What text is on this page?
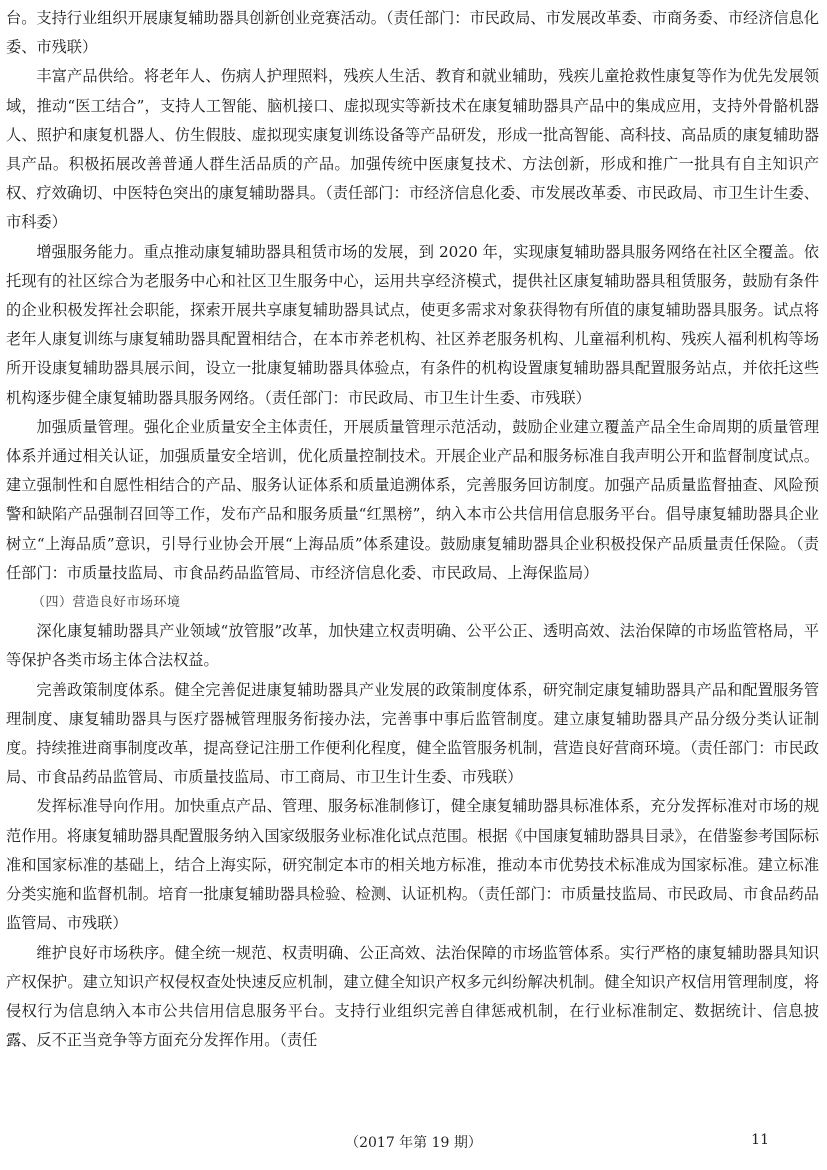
台。支持行业组织开展康复辅助器具创新创业竞赛活动。（责任部门：市民政局、市发展改革委、市商务委、市经济信息化委、市残联）

丰富产品供给。将老年人、伤病人护理照料，残疾人生活、教育和就业辅助，残疾儿童抢救性康复等作为优先发展领域，推动“医工结合”，支持人工智能、脑机接口、虚拟现实等新技术在康复辅助器具产品中的集成应用，支持外骨骼机器人、照护和康复机器人、仿生假肢、虚拟现实康复训练设备等产品研发，形成一批高智能、高科技、高品质的康复辅助器具产品。积极拓展改善普通人群生活品质的产品。加强传统中医康复技术、方法创新，形成和推广一批具有自主知识产权、疗效确切、中医特色突出的康复辅助器具。（责任部门：市经济信息化委、市发展改革委、市民政局、市卫生计生委、市科委）

增强服务能力。重点推动康复辅助器具租赁市场的发展，到 2020 年，实现康复辅助器具服务网络在社区全覆盖。依托现有的社区综合为老服务中心和社区卫生服务中心，运用共享经济模式，提供社区康复辅助器具租赁服务，鼓励有条件的企业积极发挥社会职能，探索开展共享康复辅助器具试点，使更多需求对象获得物有所值的康复辅助器具服务。试点将老年人康复训练与康复辅助器具配置相结合，在本市养老机构、社区养老服务机构、儿童福利机构、残疾人福利机构等场所开设康复辅助器具展示间，设立一批康复辅助器具体验点，有条件的机构设置康复辅助器具配置服务站点，并依托这些机构逐步健全康复辅助器具服务网络。（责任部门：市民政局、市卫生计生委、市残联）

加强质量管理。强化企业质量安全主体责任，开展质量管理示范活动，鼓励企业建立覆盖产品全生命周期的质量管理体系并通过相关认证，加强质量安全培训，优化质量控制技术。开展企业产品和服务标准自我声明公开和监督制度试点。建立强制性和自愿性相结合的产品、服务认证体系和质量追溯体系，完善服务回访制度。加强产品质量监督抽查、风险预警和缺陷产品强制召回等工作，发布产品和服务质量“红黑榜”，纳入本市公共信用信息服务平台。倡导康复辅助器具企业树立“上海品质”意识，引导行业协会开展“上海品质”体系建设。鼓励康复辅助器具企业积极投保产品质量责任保险。（责任部门：市质量技监局、市食品药品监管局、市经济信息化委、市民政局、上海保监局）

（四）营造良好市场环境

深化康复辅助器具产业领域“放管服”改革，加快建立权责明确、公平公正、透明高效、法治保障的市场监管格局，平等保护各类市场主体合法权益。

完善政策制度体系。健全完善促进康复辅助器具产业发展的政策制度体系，研究制定康复辅助器具产品和配置服务管理制度、康复辅助器具与医疗器械管理服务衔接办法，完善事中事后监管制度。建立康复辅助器具产品分级分类认证制度。持续推进商事制度改革，提高登记注册工作便利化程度，健全监管服务机制，营造良好营商环境。（责任部门：市民政局、市食品药品监管局、市质量技监局、市工商局、市卫生计生委、市残联）

发挥标准导向作用。加快重点产品、管理、服务标准制修订，健全康复辅助器具标准体系，充分发挥标准对市场的规范作用。将康复辅助器具配置服务纳入国家级服务业标准化试点范围。根据《中国康复辅助器具目录》，在借鉴参考国际标准和国家标准的基础上，结合上海实际，研究制定本市的相关地方标准，推动本市优势技术标准成为国家标准。建立标准分类实施和监督机制。培育一批康复辅助器具检验、检测、认证机构。（责任部门：市质量技监局、市民政局、市食品药品监管局、市残联）

维护良好市场秩序。健全统一规范、权责明确、公正高效、法治保障的市场监管体系。实行严格的康复辅助器具知识产权保护。建立知识产权侵权查处快速反应机制，建立健全知识产权多元纠纷解决机制。健全知识产权信用管理制度，将侵权行为信息纳入本市公共信用信息服务平台。支持行业组织完善自律惩戒机制，在行业标准制定、数据统计、信息披露、反不正当竞争等方面充分发挥作用。（责任

（2017 年第 19 期）	11
